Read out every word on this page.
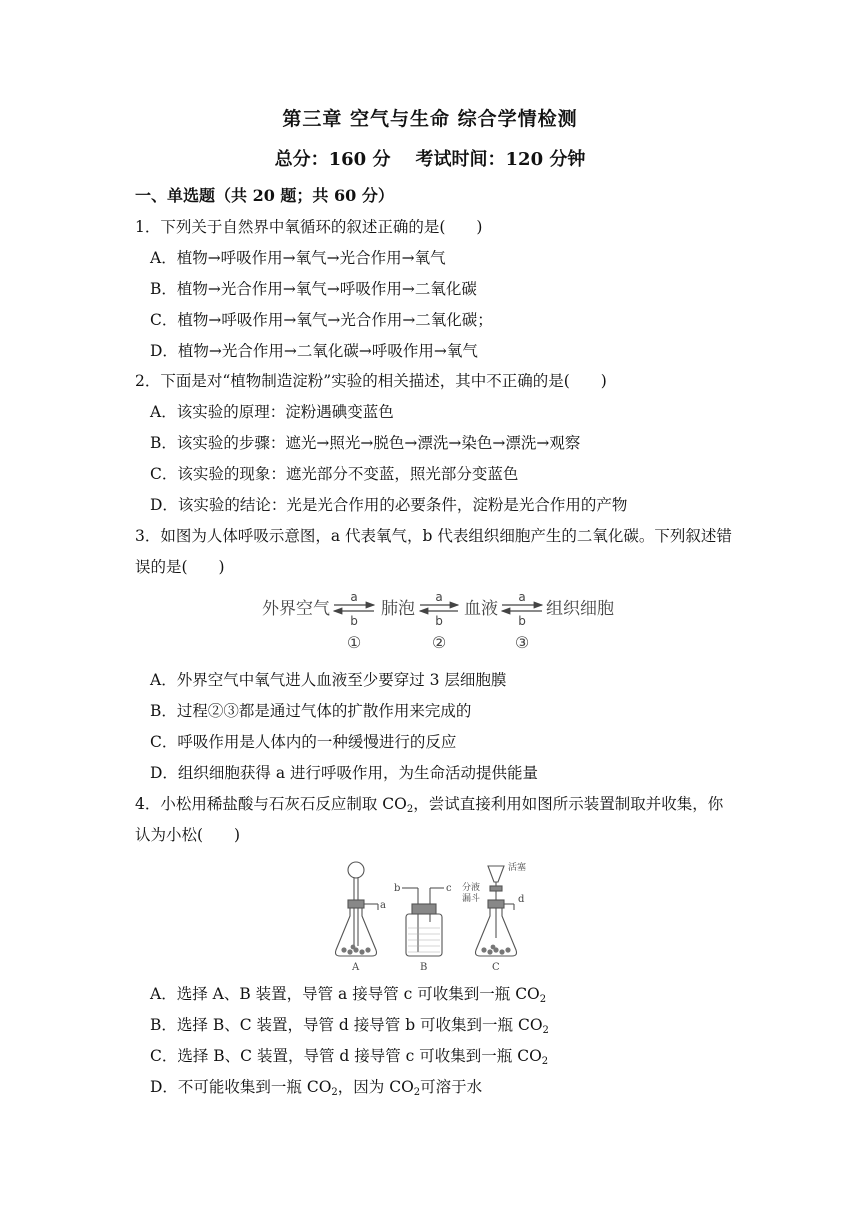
第三章 空气与生命 综合学情检测
总分：160 分 考试时间：120 分钟
一、单选题（共 20 题；共 60 分）
1．下列关于自然界中氧循环的叙述正确的是(　　)
A．植物→呼吸作用→氧气→光合作用→氧气
B．植物→光合作用→氧气→呼吸作用→二氧化碳
C．植物→呼吸作用→氧气→光合作用→二氧化碳；
D．植物→光合作用→二氧化碳→呼吸作用→氧气
2．下面是对“植物制造淀粉”实验的相关描述，其中不正确的是(　　)
A．该实验的原理：淀粉遇碘变蓝色
B．该实验的步骤：遮光→照光→脱色→漂洗→染色→漂洗→观察
C．该实验的现象：遮光部分不变蓝，照光部分变蓝色
D．该实验的结论：光是光合作用的必要条件，淀粉是光合作用的产物
3．如图为人体呼吸示意图，a 代表氧气，b 代表组织细胞产生的二氧化碳。下列叙述错
误的是(　　)
外界空气	肺泡	血液	组织细胞
a
b
a
b
a
b
①	②	③
A．外界空气中氧气进人血液至少要穿过 3 层细胞膜
B．过程②③都是通过气体的扩散作用来完成的
C．呼吸作用是人体内的一种缓慢进行的反应
D．组织细胞获得 a 进行呼吸作用，为生命活动提供能量
4．小松用稀盐酸与石灰石反应制取 $CO_2$，尝试直接利用如图所示装置制取并收集，你
认为小松(　　)
a
A
b	c
B
d
C
活塞
分液
漏斗
A．选择 A、B 装置，导管 a 接导管 c 可收集到一瓶 $CO_2$
B．选择 B、C 装置，导管 d 接导管 b 可收集到一瓶 $CO_2$
C．选择 B、C 装置，导管 d 接导管 c 可收集到一瓶 $CO_2$
D．不可能收集到一瓶 $CO_2$，因为 $CO_2$可溶于水
